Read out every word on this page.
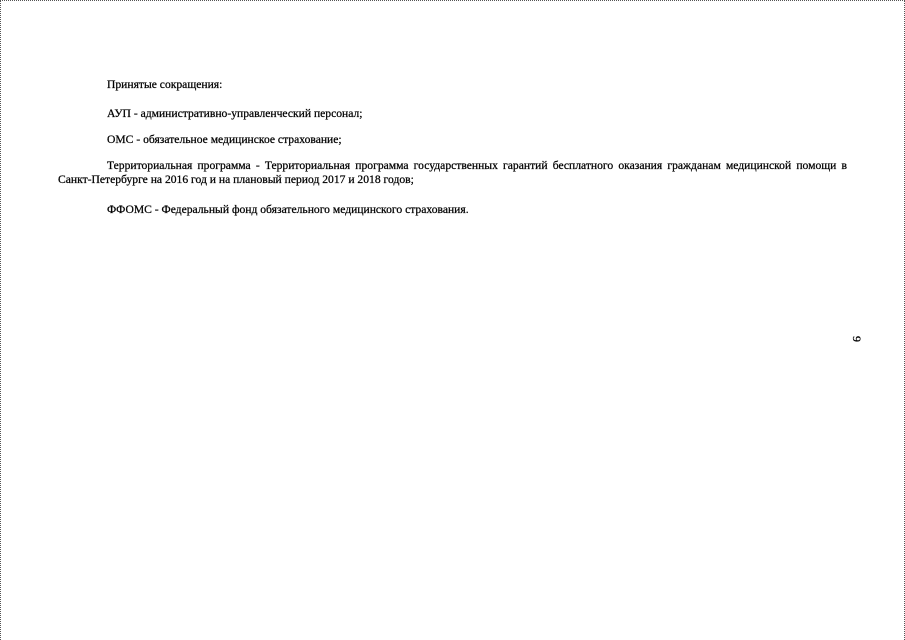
Принятые сокращения:

АУП - административно-управленческий персонал;

ОМС - обязательное медицинское страхование;

Территориальная программа - Территориальная программа государственных гарантий бесплатного оказания гражданам медицинской помощи в Санкт-Петербурге на 2016 год и на плановый период 2017 и 2018 годов;

ФФОМС - Федеральный фонд обязательного медицинского страхования.

9
